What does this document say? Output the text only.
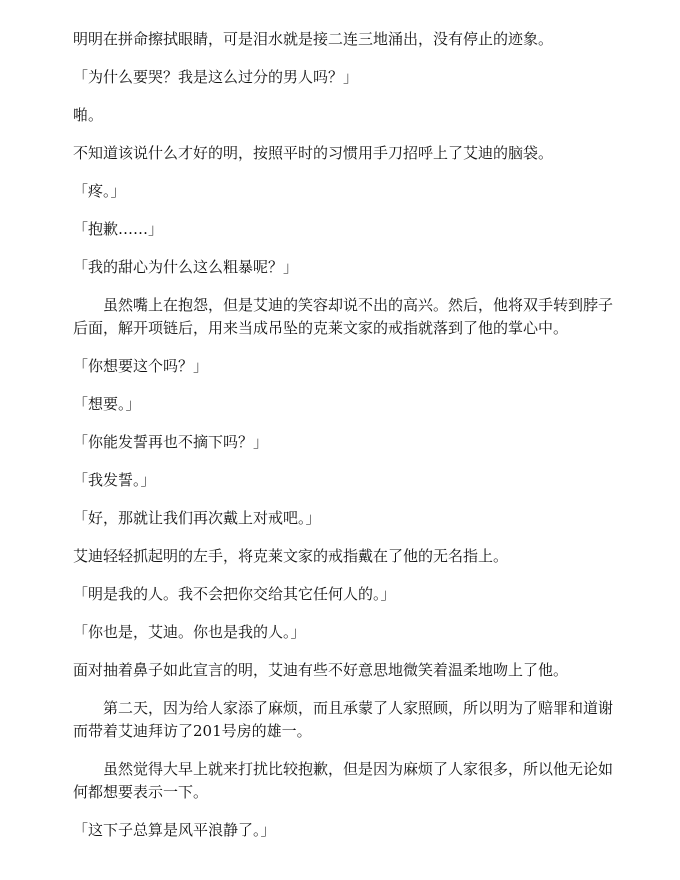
明明在拼命擦拭眼睛，可是泪水就是接二连三地涌出，没有停止的迹象。

「为什么要哭？我是这么过分的男人吗？」

啪。

不知道该说什么才好的明，按照平时的习惯用手刀招呼上了艾迪的脑袋。

「疼。」

「抱歉……」

「我的甜心为什么这么粗暴呢？」

虽然嘴上在抱怨，但是艾迪的笑容却说不出的高兴。然后，他将双手转到脖子后面，解开项链后，用来当成吊坠的克莱文家的戒指就落到了他的掌心中。

「你想要这个吗？」

「想要。」

「你能发誓再也不摘下吗？」

「我发誓。」

「好，那就让我们再次戴上对戒吧。」

艾迪轻轻抓起明的左手，将克莱文家的戒指戴在了他的无名指上。

「明是我的人。我不会把你交给其它任何人的。」

「你也是，艾迪。你也是我的人。」

面对抽着鼻子如此宣言的明，艾迪有些不好意思地微笑着温柔地吻上了他。

第二天，因为给人家添了麻烦，而且承蒙了人家照顾，所以明为了赔罪和道谢而带着艾迪拜访了201号房的雄一。

虽然觉得大早上就来打扰比较抱歉，但是因为麻烦了人家很多，所以他无论如何都想要表示一下。

「这下子总算是风平浪静了。」
